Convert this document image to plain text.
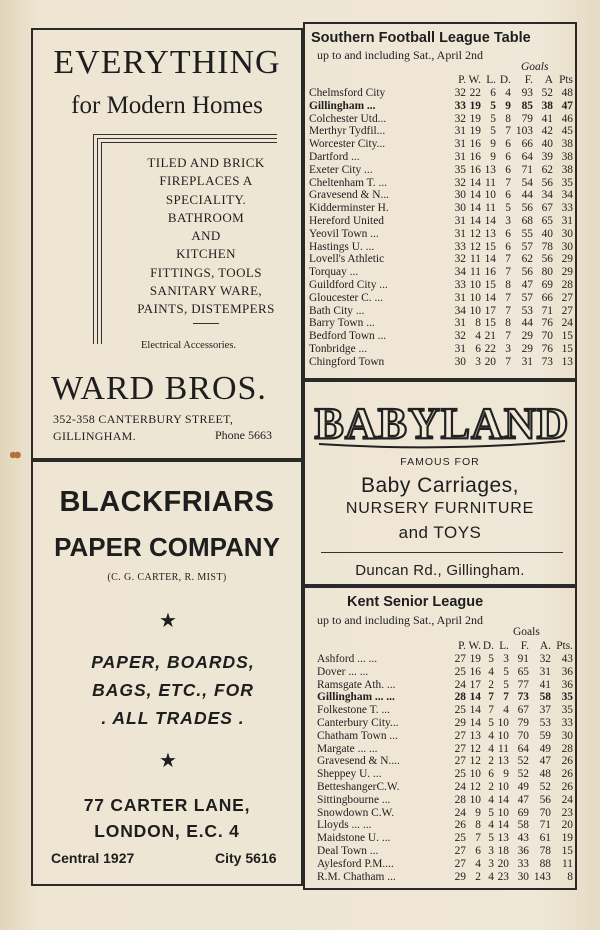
EVERYTHING
for Modern Homes
TILED AND BRICK
FIREPLACES A
SPECIALITY.
BATHROOM
AND
KITCHEN
FITTINGS, TOOLS
SANITARY WARE,
PAINTS, DISTEMPERS
Electrical Accessories.
WARD BROS.
352-358 CANTERBURY STREET,
GILLINGHAM.	Phone 5663
BLACKFRIARS
PAPER COMPANY
(C. G. CARTER, R. MIST)
★
PAPER, BOARDS,
BAGS, ETC., FOR
. ALL TRADES .
★
77 CARTER LANE,
LONDON, E.C. 4
Central 1927	City 5616
Southern Football League Table
up to and including Sat., April 2nd
Goals
	P.	W.	L.	D.	F.	A	Pts
Chelmsford City	32	22	6	4	93	52	48
Gillingham ...	33	19	5	9	85	38	47
Colchester Utd...	32	19	5	8	79	41	46
Merthyr Tydfil...	31	19	5	7	103	42	45
Worcester City...	31	16	9	6	66	40	38
Dartford ...	31	16	9	6	64	39	38
Exeter City ...	35	16	13	6	71	62	38
Cheltenham T. ...	32	14	11	7	54	56	35
Gravesend & N...	30	14	10	6	44	34	34
Kidderminster H.	30	14	11	5	56	67	33
Hereford United	31	14	14	3	68	65	31
Yeovil Town ...	31	12	13	6	55	40	30
Hastings U. ...	33	12	15	6	57	78	30
Lovell's Athletic	32	11	14	7	62	56	29
Torquay ...	34	11	16	7	56	80	29
Guildford City ...	33	10	15	8	47	69	28
Gloucester C. ...	31	10	14	7	57	66	27
Bath City ...	34	10	17	7	53	71	27
Barry Town ...	31	8	15	8	44	76	24
Bedford Town ...	32	4	21	7	29	70	15
Tonbridge ...	31	6	22	3	29	76	15
Chingford Town	30	3	20	7	31	73	13
BABYLAND
FAMOUS FOR
Baby Carriages,
NURSERY FURNITURE
and TOYS
Duncan Rd., Gillingham.
Kent Senior League
up to and including Sat., April 2nd
Goals
	P.	W.	D.	L.	F.	A.	Pts.
Ashford ... ...	27	19	5	3	91	32	43
Dover ... ...	25	16	4	5	65	31	36
Ramsgate Ath. ...	24	17	2	5	77	41	36
Gillingham ... ...	28	14	7	7	73	58	35
Folkestone T. ...	25	14	7	4	67	37	35
Canterbury City...	29	14	5	10	79	53	33
Chatham Town ...	27	13	4	10	70	59	30
Margate ... ...	27	12	4	11	64	49	28
Gravesend & N....	27	12	2	13	52	47	26
Sheppey U. ...	25	10	6	9	52	48	26
BetteshangerC.W.	24	12	2	10	49	52	26
Sittingbourne ...	28	10	4	14	47	56	24
Snowdown C.W.	24	9	5	10	69	70	23
Lloyds ... ...	26	8	4	14	58	71	20
Maidstone U. ...	25	7	5	13	43	61	19
Deal Town ...	27	6	3	18	36	78	15
Aylesford P.M....	27	4	3	20	33	88	11
R.M. Chatham ...	29	2	4	23	30	143	8
